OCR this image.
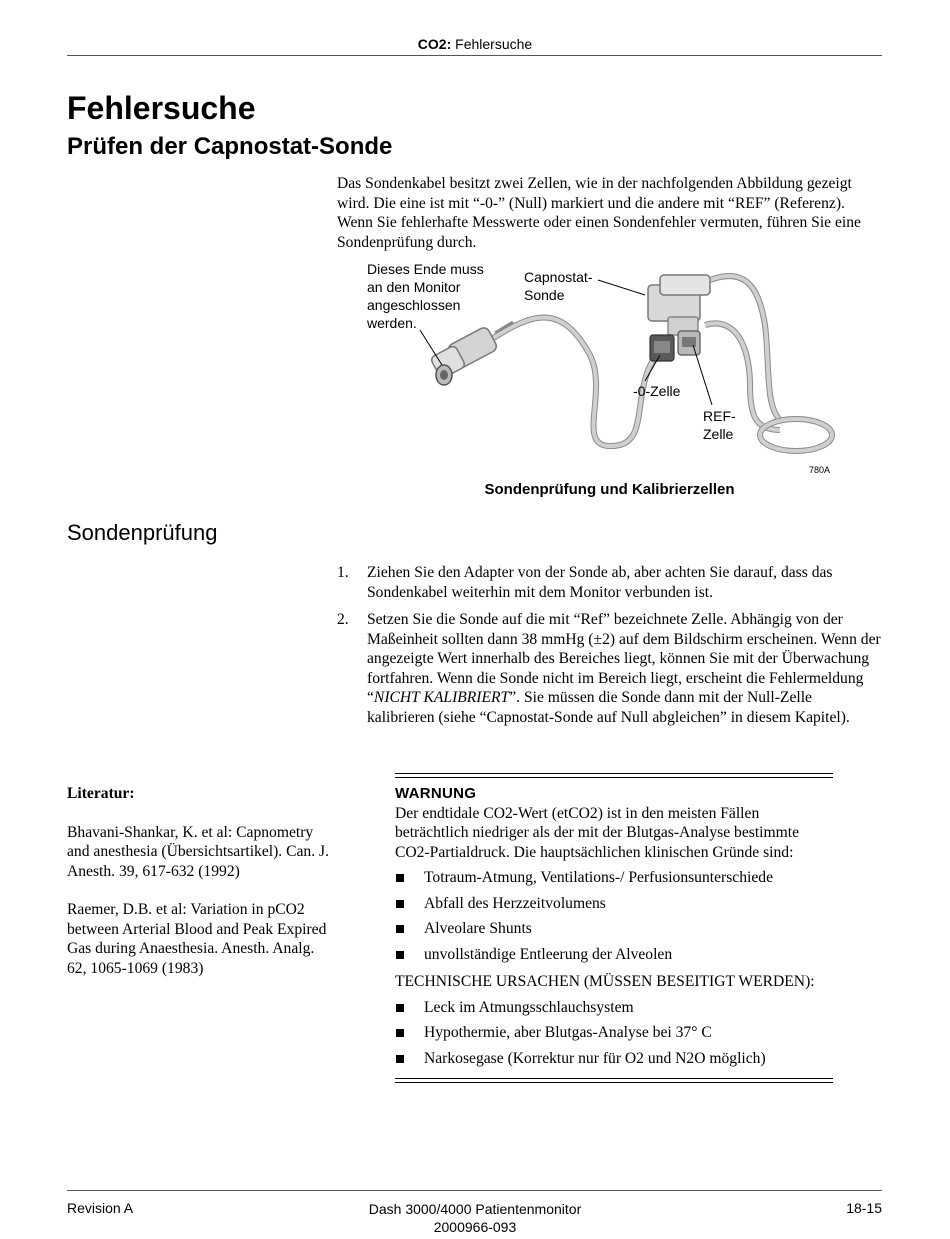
CO2: Fehlersuche
Fehlersuche
Prüfen der Capnostat-Sonde
Das Sondenkabel besitzt zwei Zellen, wie in der nachfolgenden Abbildung gezeigt wird. Die eine ist mit “-0-” (Null) markiert und die andere mit “REF” (Referenz). Wenn Sie fehlerhafte Messwerte oder einen Sondenfehler vermuten, führen Sie eine Sondenprüfung durch.
Dieses Ende muss
an den Monitor
angeschlossen
werden.
Capnostat-
Sonde
-0-Zelle
REF-
Zelle
780A
Sondenprüfung und Kalibrierzellen
Sondenprüfung
1.	Ziehen Sie den Adapter von der Sonde ab, aber achten Sie darauf, dass das Sondenkabel weiterhin mit dem Monitor verbunden ist.
2.	Setzen Sie die Sonde auf die mit “Ref” bezeichnete Zelle. Abhängig von der Maßeinheit sollten dann 38 mmHg (±2) auf dem Bildschirm erscheinen. Wenn der angezeigte Wert innerhalb des Bereiches liegt, können Sie mit der Überwachung fortfahren. Wenn die Sonde nicht im Bereich liegt, erscheint die Fehlermeldung “NICHT KALIBRIERT”. Sie müssen die Sonde dann mit der Null-Zelle kalibrieren (siehe “Capnostat-Sonde auf Null abgleichen” in diesem Kapitel).
Literatur:
Bhavani-Shankar, K. et al: Capnometry and anesthesia (Übersichtsartikel). Can. J. Anesth. 39, 617-632 (1992)
Raemer, D.B. et al: Variation in pCO2 between Arterial Blood and Peak Expired Gas during Anaesthesia. Anesth. Analg. 62, 1065-1069 (1983)
WARNUNG
Der endtidale CO2-Wert (etCO2) ist in den meisten Fällen beträchtlich niedriger als der mit der Blutgas-Analyse bestimmte CO2-Partialdruck. Die hauptsächlichen klinischen Gründe sind:
Totraum-Atmung, Ventilations-/ Perfusionsunterschiede
Abfall des Herzzeitvolumens
Alveolare Shunts
unvollständige Entleerung der Alveolen
TECHNISCHE URSACHEN (MÜSSEN BESEITIGT WERDEN):
Leck im Atmungsschlauchsystem
Hypothermie, aber Blutgas-Analyse bei 37° C
Narkosegase (Korrektur nur für O2 und N2O möglich)
Revision A	Dash 3000/4000 Patientenmonitor
2000966-093
18-15
